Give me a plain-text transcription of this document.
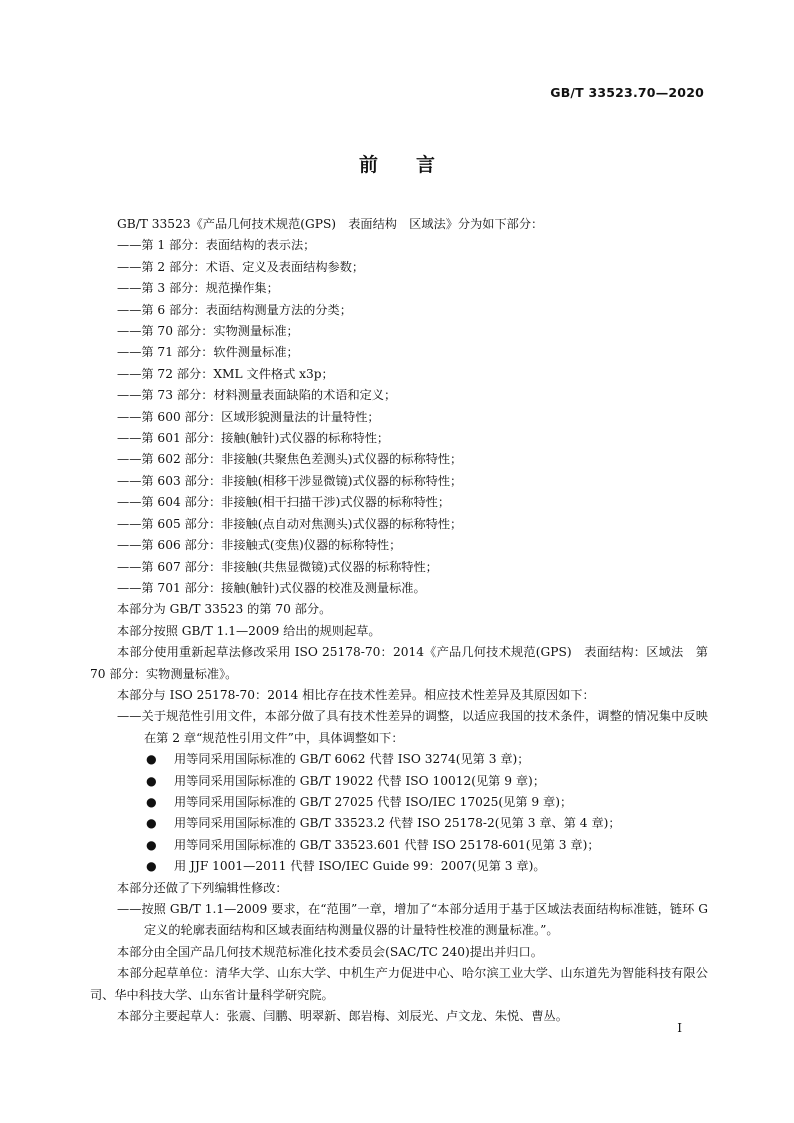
GB/T 33523.70—2020
前　　言

GB/T 33523《产品几何技术规范(GPS)　表面结构　区域法》分为如下部分：

——第 1 部分：表面结构的表示法；

——第 2 部分：术语、定义及表面结构参数；

——第 3 部分：规范操作集；

——第 6 部分：表面结构测量方法的分类；

——第 70 部分：实物测量标准；

——第 71 部分：软件测量标准；

——第 72 部分：XML 文件格式 x3p；

——第 73 部分：材料测量表面缺陷的术语和定义；

——第 600 部分：区域形貌测量法的计量特性；

——第 601 部分：接触(触针)式仪器的标称特性；

——第 602 部分：非接触(共聚焦色差测头)式仪器的标称特性；

——第 603 部分：非接触(相移干涉显微镜)式仪器的标称特性；

——第 604 部分：非接触(相干扫描干涉)式仪器的标称特性；

——第 605 部分：非接触(点自动对焦测头)式仪器的标称特性；

——第 606 部分：非接触式(变焦)仪器的标称特性；

——第 607 部分：非接触(共焦显微镜)式仪器的标称特性；

——第 701 部分：接触(触针)式仪器的校准及测量标准。

本部分为 GB/T 33523 的第 70 部分。

本部分按照 GB/T 1.1—2009 给出的规则起草。

本部分使用重新起草法修改采用 ISO 25178-70：2014《产品几何技术规范(GPS)　表面结构：区域法　第 70 部分：实物测量标准》。

本部分与 ISO 25178-70：2014 相比存在技术性差异。相应技术性差异及其原因如下：

——关于规范性引用文件，本部分做了具有技术性差异的调整，以适应我国的技术条件，调整的情况集中反映在第 2 章“规范性引用文件”中，具体调整如下：

● 用等同采用国际标准的 GB/T 6062 代替 ISO 3274(见第 3 章)；

● 用等同采用国际标准的 GB/T 19022 代替 ISO 10012(见第 9 章)；

● 用等同采用国际标准的 GB/T 27025 代替 ISO/IEC 17025(见第 9 章)；

● 用等同采用国际标准的 GB/T 33523.2 代替 ISO 25178-2(见第 3 章、第 4 章)；

● 用等同采用国际标准的 GB/T 33523.601 代替 ISO 25178-601(见第 3 章)；

● 用 JJF 1001—2011 代替 ISO/IEC Guide 99：2007(见第 3 章)。

本部分还做了下列编辑性修改：

——按照 GB/T 1.1—2009 要求，在“范围”一章，增加了“本部分适用于基于区域法表面结构标准链，链环 G 定义的轮廓表面结构和区域表面结构测量仪器的计量特性校准的测量标准。”。

本部分由全国产品几何技术规范标准化技术委员会(SAC/TC 240)提出并归口。

本部分起草单位：清华大学、山东大学、中机生产力促进中心、哈尔滨工业大学、山东道先为智能科技有限公司、华中科技大学、山东省计量科学研究院。

本部分主要起草人：张震、闫鹏、明翠新、郎岩梅、刘辰光、卢文龙、朱悦、曹丛。

I
